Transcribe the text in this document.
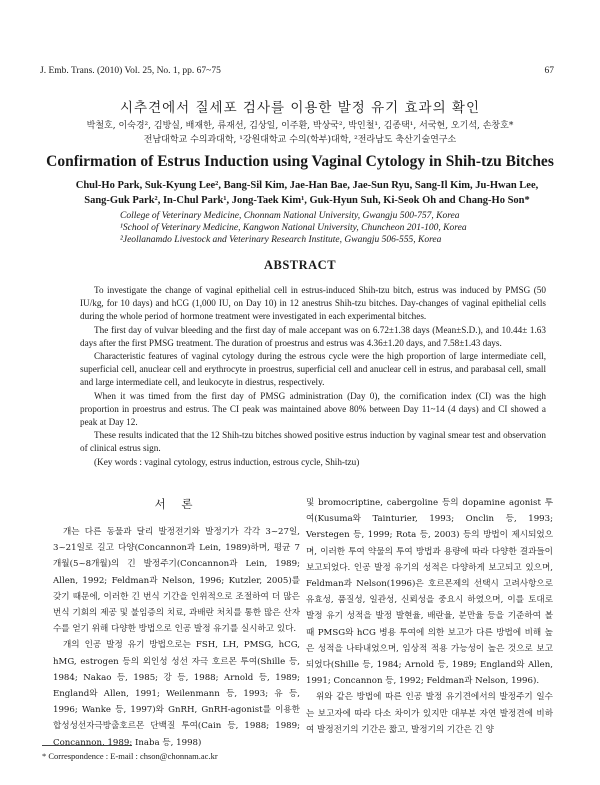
J. Emb. Trans. (2010) Vol. 25, No. 1, pp. 67~75	67
시추견에서 질세포 검사를 이용한 발정 유기 효과의 확인
박철호, 이숙경², 김방실, 배재한, 류재선, 김상일, 이주환, 박상국², 박인철¹, 김종택¹, 서국현, 오기석, 손창호*
전남대학교 수의과대학, ¹강원대학교 수의(학부)대학, ²전라남도 축산기술연구소
Confirmation of Estrus Induction using Vaginal Cytology in Shih-tzu Bitches
Chul-Ho Park, Suk-Kyung Lee², Bang-Sil Kim, Jae-Han Bae, Jae-Sun Ryu, Sang-Il Kim, Ju-Hwan Lee,
Sang-Guk Park², In-Chul Park¹, Jong-Taek Kim¹, Guk-Hyun Suh, Ki-Seok Oh and Chang-Ho Son*
College of Veterinary Medicine, Chonnam National University, Gwangju 500-757, Korea
¹School of Veterinary Medicine, Kangwon National University, Chuncheon 201-100, Korea
²Jeollanamdo Livestock and Veterinary Research Institute, Gwangju 506-555, Korea
ABSTRACT

To investigate the change of vaginal epithelial cell in estrus-induced Shih-tzu bitch, estrus was induced by PMSG (50 IU/kg, for 10 days) and hCG (1,000 IU, on Day 10) in 12 anestrus Shih-tzu bitches. Day-changes of vaginal epithelial cells during the whole period of hormone treatment were investigated in each experimental bitches.

The first day of vulvar bleeding and the first day of male accepant was on 6.72±1.38 days (Mean±S.D.), and 10.44± 1.63 days after the first PMSG treatment. The duration of proestrus and estrus was 4.36±1.20 days, and 7.58±1.43 days.

Characteristic features of vaginal cytology during the estrous cycle were the high proportion of large intermediate cell, superficial cell, anuclear cell and erythrocyte in proestrus, superficial cell and anuclear cell in estrus, and parabasal cell, small and large intermediate cell, and leukocyte in diestrus, respectively.

When it was timed from the first day of PMSG administration (Day 0), the cornification index (CI) was the high proportion in proestrus and estrus. The CI peak was maintained above 80% between Day 11~14 (4 days) and CI showed a peak at Day 12.

These results indicated that the 12 Shih-tzu bitches showed positive estrus induction by vaginal smear test and observation of clinical estrus sign.

(Key words : vaginal cytology, estrus induction, estrous cycle, Shih-tzu)

서 론

개는 다른 동물과 달리 발정전기와 발정기가 각각 3~27일, 3~21일로 길고 다양(Concannon과 Lein, 1989)하며, 평균 7개월(5~8개월)의 긴 발정주기(Concannon과 Lein, 1989; Allen, 1992; Feldman과 Nelson, 1996; Kutzler, 2005)를 갖기 때문에, 이러한 긴 번식 기간을 인위적으로 조절하여 더 많은 번식 기회의 제공 및 불임증의 치료, 과배란 처치를 통한 많은 산자수를 얻기 위해 다양한 방법으로 인공 발정 유기를 실시하고 있다.

개의 인공 발정 유기 방법으로는 FSH, LH, PMSG, hCG, hMG, estrogen 등의 외인성 성선 자극 호르몬 투여(Shille 등, 1984; Nakao 등, 1985; 강 등, 1988; Arnold 등, 1989; England와 Allen, 1991; Weilenmann 등, 1993; 유 등, 1996; Wanke 등, 1997)와 GnRH, GnRH-agonist를 이용한 합성성선자극방출호르몬 단백질 투여(Cain 등, 1988; 1989; Concannon, 1989; Inaba 등, 1998)

및 bromocriptine, cabergoline 등의 dopamine agonist 투여(Kusuma와 Tainturier, 1993; Onclin 등, 1993; Verstegen 등, 1999; Rota 등, 2003) 등의 방법이 제시되었으며, 이러한 투여 약물의 투여 방법과 용량에 따라 다양한 결과들이 보고되었다. 인공 발정 유기의 성적은 다양하게 보고되고 있으며, Feldman과 Nelson(1996)은 호르몬제의 선택시 고려사항으로 유효성, 품질성, 일관성, 신뢰성을 중요시 하였으며, 이를 토대로 발정 유기 성적을 발정 발현율, 배란율, 분만율 등을 기준하여 볼 때 PMSG와 hCG 병용 투여에 의한 보고가 다른 방법에 비해 높은 성적을 나타내었으며, 임상적 적용 가능성이 높은 것으로 보고되었다(Shille 등, 1984; Arnold 등, 1989; England와 Allen, 1991; Concannon 등, 1992; Feldman과 Nelson, 1996).

위와 같은 방법에 따른 인공 발정 유기견에서의 발정주기 일수는 보고자에 따라 다소 차이가 있지만 대부분 자연 발정견에 비하여 발정전기의 기간은 짧고, 발정기의 기간은 긴 양

* Correspondence : E-mail : chson@chonnam.ac.kr
